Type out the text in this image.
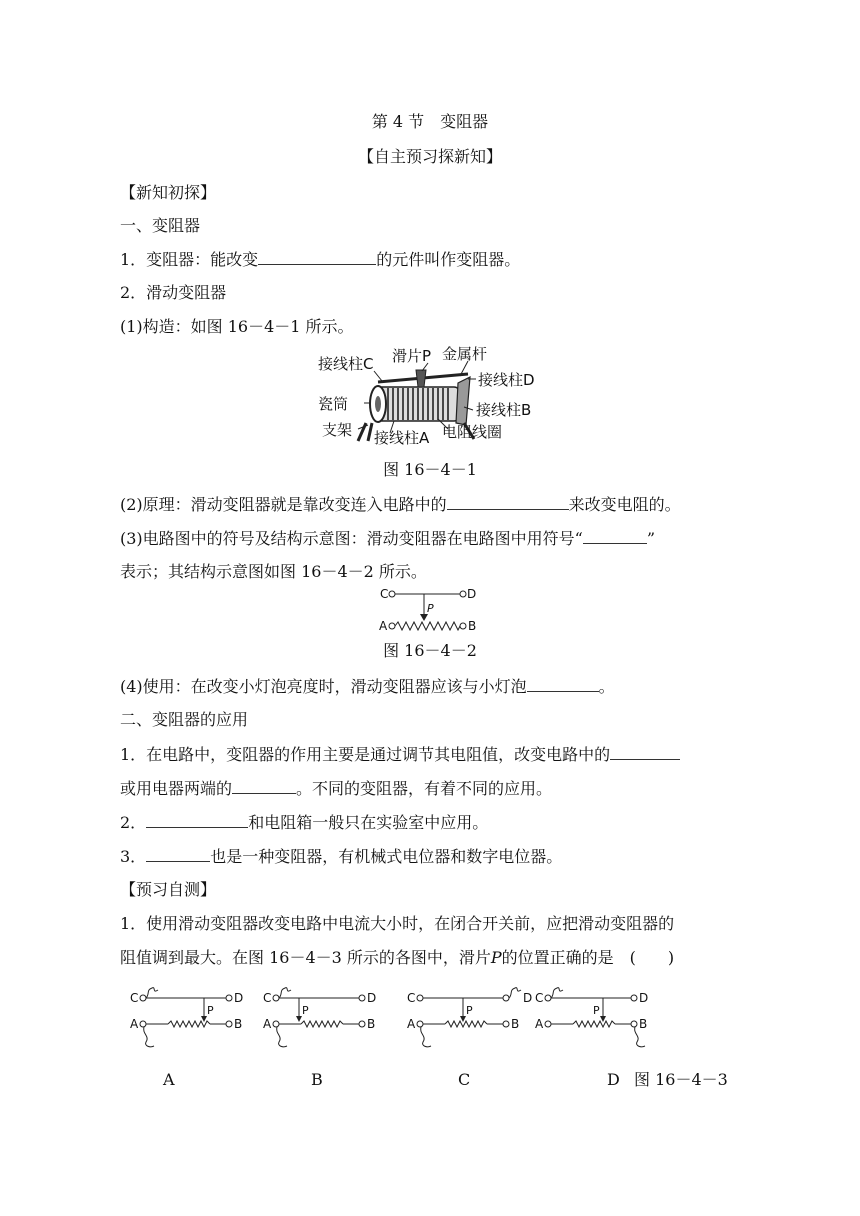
第 4 节　变阻器
【自主预习探新知】
【新知初探】
一、变阻器
1．变阻器：能改变	的元件叫作变阻器。
2．滑动变阻器
(1)构造：如图 16－4－1 所示。
接线柱C 滑片P 金属杆
接线柱D
瓷筒	接线柱B
支架 接线柱A 电阻线圈
图 16－4－1
(2)原理：滑动变阻器就是靠改变连入电路中的	来改变电阻的。
(3)电路图中的符号及结构示意图：滑动变阻器在电路图中用符号“	”
表示；其结构示意图如图 16－4－2 所示。
C	D
P
A	B
图 16－4－2
(4)使用：在改变小灯泡亮度时，滑动变阻器应该与小灯泡	。
二、变阻器的应用
1．在电路中，变阻器的作用主要是通过调节其电阻值，改变电路中的
或用电器两端的	。不同的变阻器，有着不同的应用。
2．	和电阻箱一般只在实验室中应用。
3．	也是一种变阻器，有机械式电位器和数字电位器。
【预习自测】
1．使用滑动变阻器改变电路中电流大小时，在闭合开关前，应把滑动变阻器的
阻值调到最大。在图 16－4－3 所示的各图中，滑片P的位置正确的是　(　　)
C	D
P
A	B
C	D
P
A	B
C	D
P
A	B
C	D
P
A	B
A	B	C	D 图 16－4－3
